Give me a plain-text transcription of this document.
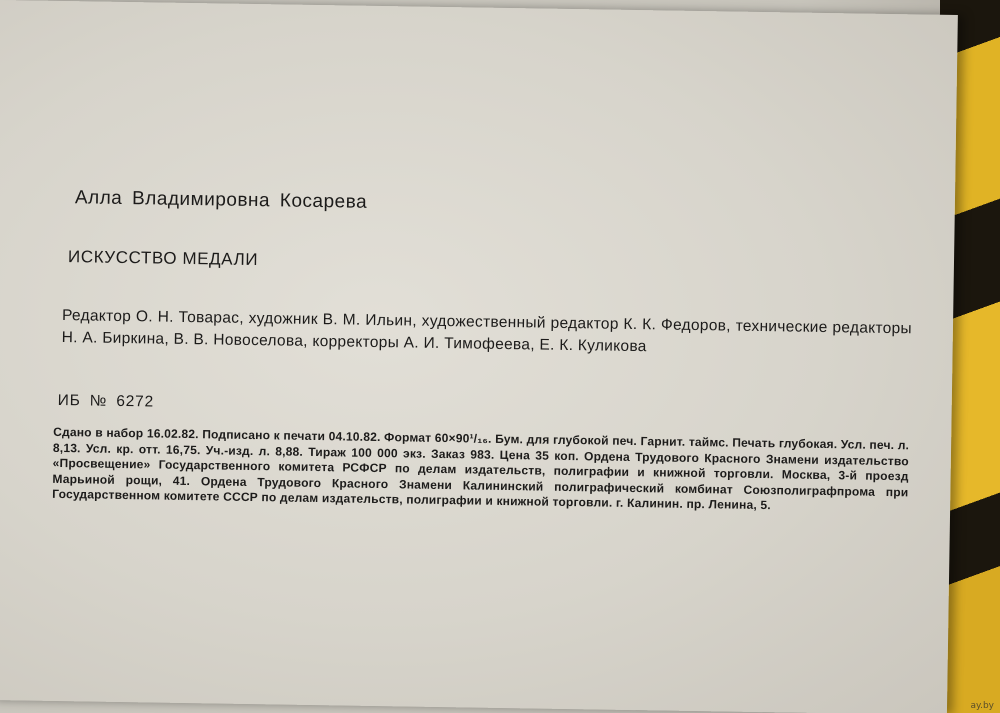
Алла Владимировна Косарева
ИСКУССТВО МЕДАЛИ
Редактор О. Н. Товарас, художник В. М. Ильин, художественный редактор К. К. Федоров, технические редакторы Н. А. Биркина, В. В. Новоселова, корректоры А. И. Тимофеева, Е. К. Куликова
ИБ № 6272
Сдано в набор 16.02.82. Подписано к печати 04.10.82. Формат 60×90¹/₁₆. Бум. для глубокой печ. Гарнит. таймс. Печать глубокая. Усл. печ. л. 8,13. Усл. кр. отт. 16,75. Уч.-изд. л. 8,88. Тираж 100 000 экз. Заказ 983. Цена 35 коп. Ордена Трудового Красного Знамени издательство «Просвещение» Государственного комитета РСФСР по делам издательств, полиграфии и книжной торговли. Москва, 3-й проезд Марьиной рощи, 41. Ордена Трудового Красного Знамени Калининский полиграфический комбинат Союзполиграфпрома при Государственном комитете СССР по делам издательств, полиграфии и книжной торговли. г. Калинин. пр. Ленина, 5.
ay.by
